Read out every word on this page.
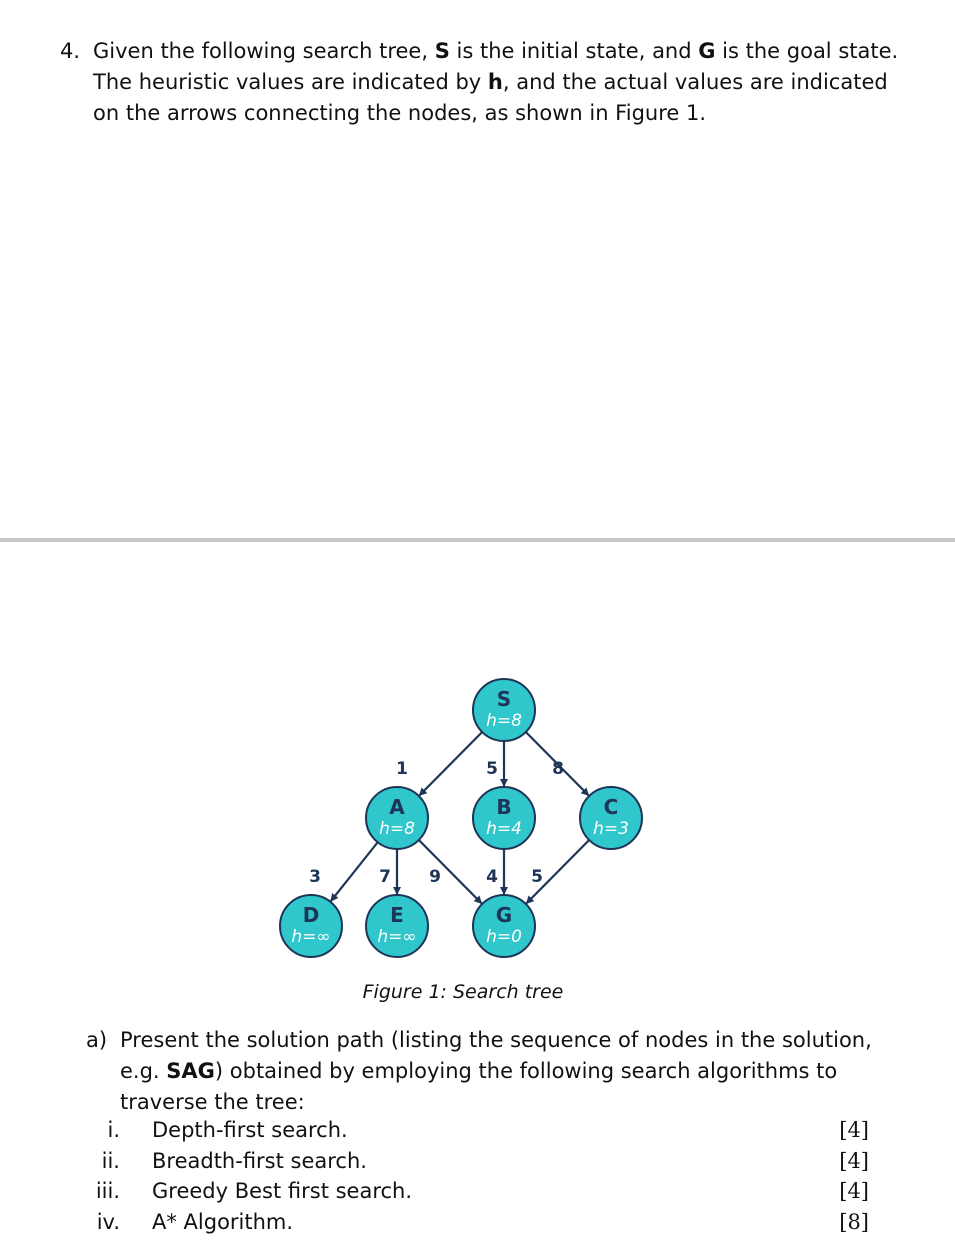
4. Given the following search tree, S is the initial state, and G is the goal state. The heuristic values are indicated by h, and the actual values are indicated on the arrows connecting the nodes, as shown in Figure 1.
1	5	8
3	7 9	4 5
S
h=8
A
h=8
B
h=4
C
h=3
D
h=∞
E
h=∞
G
h=0
Figure 1: Search tree
a) Present the solution path (listing the sequence of nodes in the solution, e.g. SAG) obtained by employing the following search algorithms to traverse the tree:
i. Depth-first search.	[4]
ii. Breadth-first search.	[4]
iii. Greedy Best first search.	[4]
iv. A* Algorithm.	[8]
